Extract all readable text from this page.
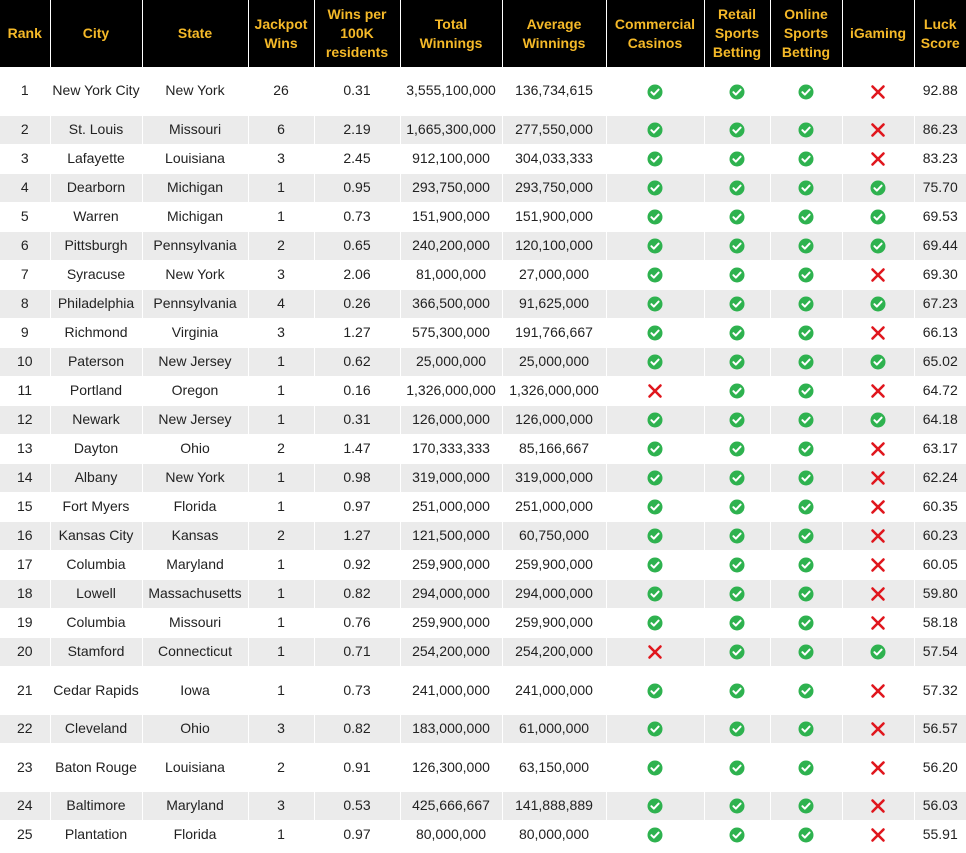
Rank	City	State	Jackpot Wins	Wins per 100K residents	Total Winnings	Average Winnings	Commercial Casinos	Retail Sports Betting	Online Sports Betting	iGaming	Luck Score
1	New York City	New York	26	0.31	3,555,100,000	136,734,615					92.88
2	St. Louis	Missouri	6	2.19	1,665,300,000	277,550,000					86.23
3	Lafayette	Louisiana	3	2.45	912,100,000	304,033,333					83.23
4	Dearborn	Michigan	1	0.95	293,750,000	293,750,000					75.70
5	Warren	Michigan	1	0.73	151,900,000	151,900,000					69.53
6	Pittsburgh	Pennsylvania	2	0.65	240,200,000	120,100,000					69.44
7	Syracuse	New York	3	2.06	81,000,000	27,000,000					69.30
8	Philadelphia	Pennsylvania	4	0.26	366,500,000	91,625,000					67.23
9	Richmond	Virginia	3	1.27	575,300,000	191,766,667					66.13
10	Paterson	New Jersey	1	0.62	25,000,000	25,000,000					65.02
11	Portland	Oregon	1	0.16	1,326,000,000	1,326,000,000					64.72
12	Newark	New Jersey	1	0.31	126,000,000	126,000,000					64.18
13	Dayton	Ohio	2	1.47	170,333,333	85,166,667					63.17
14	Albany	New York	1	0.98	319,000,000	319,000,000					62.24
15	Fort Myers	Florida	1	0.97	251,000,000	251,000,000					60.35
16	Kansas City	Kansas	2	1.27	121,500,000	60,750,000					60.23
17	Columbia	Maryland	1	0.92	259,900,000	259,900,000					60.05
18	Lowell	Massachusetts	1	0.82	294,000,000	294,000,000					59.80
19	Columbia	Missouri	1	0.76	259,900,000	259,900,000					58.18
20	Stamford	Connecticut	1	0.71	254,200,000	254,200,000					57.54
21	Cedar Rapids	Iowa	1	0.73	241,000,000	241,000,000					57.32
22	Cleveland	Ohio	3	0.82	183,000,000	61,000,000					56.57
23	Baton Rouge	Louisiana	2	0.91	126,300,000	63,150,000					56.20
24	Baltimore	Maryland	3	0.53	425,666,667	141,888,889					56.03
25	Plantation	Florida	1	0.97	80,000,000	80,000,000					55.91
